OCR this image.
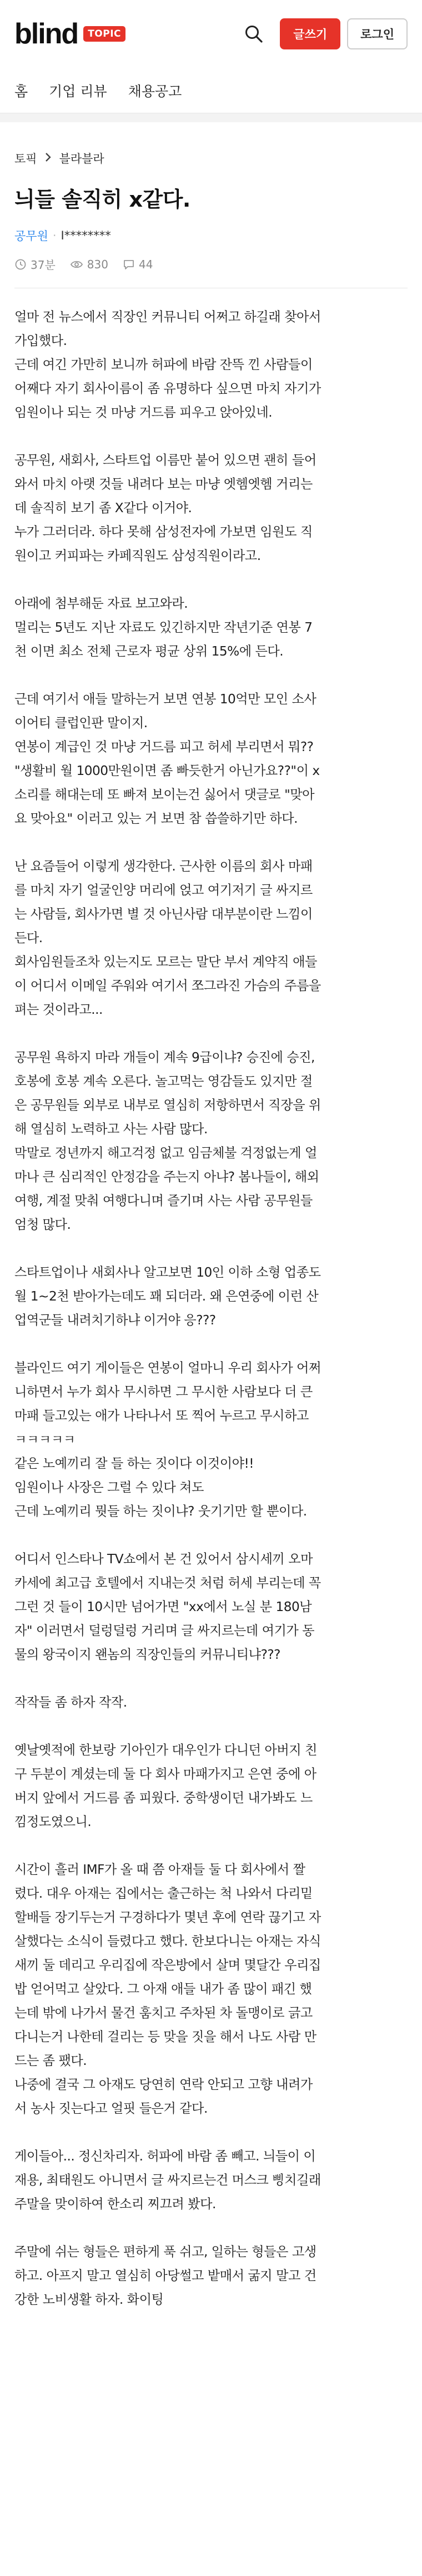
blind	TOPIC	글쓰기	로그인
홈 기업 리뷰 채용공고
토픽 블라블라
늬들 솔직히 x같다.
공무원 · I********
37분	830	44

얼마 전 뉴스에서 직장인 커뮤니티 어쩌고 하길래 찾아서
가입했다.
근데 여긴 가만히 보니까 허파에 바람 잔뜩 낀 사람들이
어째다 자기 회사이름이 좀 유명하다 싶으면 마치 자기가
임원이나 되는 것 마냥 거드름 피우고 앉아있네.

공무원, 새회사, 스타트업 이름만 붙어 있으면 괜히 들어
와서 마치 아랫 것들 내려다 보는 마냥 엣헴엣헴 거리는
데 솔직히 보기 좀 X같다 이거야.
누가 그러더라. 하다 못해 삼성전자에 가보면 임원도 직
원이고 커피파는 카페직원도 삼성직원이라고.

아래에 첨부해둔 자료 보고와라.
멀리는 5년도 지난 자료도 있긴하지만 작년기준 연봉 7
천 이면 최소 전체 근로자 평균 상위 15%에 든다.

근데 여기서 애들 말하는거 보면 연봉 10억만 모인 소사
이어티 클럽인판 말이지.
연봉이 계급인 것 마냥 거드름 피고 허세 부리면서 뭐??
"생활비 월 1000만원이면 좀 빠듯한거 아닌가요??"이 x
소리를 해대는데 또 빠져 보이는건 싫어서 댓글로 "맞아
요 맞아요" 이러고 있는 거 보면 참 씁쓸하기만 하다.

난 요즘들어 이렇게 생각한다. 근사한 이름의 회사 마패
를 마치 자기 얼굴인양 머리에 얹고 여기저기 글 싸지르
는 사람들, 회사가면 별 것 아닌사람 대부분이란 느낌이
든다.
회사임원들조차 있는지도 모르는 말단 부서 계약직 애들
이 어디서 이메일 주워와 여기서 쪼그라진 가슴의 주름을
펴는 것이라고...

공무원 욕하지 마라 개들이 계속 9급이냐? 승진에 승진,
호봉에 호봉 계속 오른다. 놀고먹는 영감들도 있지만 절
은 공무원들 외부로 내부로 열심히 저항하면서 직장을 위
해 열심히 노력하고 사는 사람 많다.
막말로 정년까지 해고걱정 없고 임금체불 걱정없는게 얼
마나 큰 심리적인 안정감을 주는지 아냐? 봄나들이, 해외
여행, 계절 맞춰 여행다니며 즐기며 사는 사람 공무원들
엄청 많다.

스타트업이나 새회사나 알고보면 10인 이하 소형 업종도
월 1~2천 받아가는데도 꽤 되더라. 왜 은연중에 이런 산
업역군들 내려치기하냐 이거야 응???

블라인드 여기 게이들은 연봉이 얼마니 우리 회사가 어쩌
니하면서 누가 회사 무시하면 그 무시한 사람보다 더 큰
마패 들고있는 애가 나타나서 또 찍어 누르고 무시하고
ㅋㅋㅋㅋㅋ
같은 노예끼리 잘 들 하는 짓이다 이것이야!!
임원이나 사장은 그럴 수 있다 쳐도
근데 노예끼리 뭣들 하는 짓이냐? 웃기기만 할 뿐이다.

어디서 인스타나 TV쇼에서 본 건 있어서 삼시세끼 오마
카세에 최고급 호텔에서 지내는것 처럼 허세 부리는데 꼭
그런 것 들이 10시만 넘어가면 "xx에서 노실 분 180남
자" 이러면서 덜렁덜렁 거리며 글 싸지르는데 여기가 동
물의 왕국이지 왠놈의 직장인들의 커뮤니티냐???

작작들 좀 하자 작작.

옛날옛적에 한보랑 기아인가 대우인가 다니던 아버지 친
구 두분이 계셨는데 둘 다 회사 마패가지고 은연 중에 아
버지 앞에서 거드름 좀 피웠다. 중학생이던 내가봐도 느
낌정도였으니.

시간이 흘러 IMF가 올 때 쯤 아재들 둘 다 회사에서 짤
렸다. 대우 아재는 집에서는 출근하는 척 나와서 다리밑
할배들 장기두는거 구경하다가 몇년 후에 연락 끊기고 자
살했다는 소식이 들렸다고 했다. 한보다니는 아재는 자식
새끼 둘 데리고 우리집에 작은방에서 살며 몇달간 우리집
밥 얻어먹고 살았다. 그 아재 애들 내가 좀 많이 패긴 했
는데 밖에 나가서 물건 훔치고 주차된 차 돌맹이로 긁고
다니는거 나한테 걸리는 등 맞을 짓을 해서 나도 사람 만
드는 좀 팼다.
나중에 결국 그 아재도 당연히 연락 안되고 고향 내려가
서 농사 짓는다고 얼핏 들은거 같다.

게이들아... 정신차리자. 허파에 바람 좀 빼고. 늬들이 이
재용, 최태원도 아니면서 글 싸지르는건 머스크 삥치길래
주말을 맞이하여 한소리 찌끄려 봤다.

주말에 쉬는 형들은 편하게 푹 쉬고, 일하는 형들은 고생
하고. 아프지 말고 열심히 아당썰고 밭매서 굶지 말고 건
강한 노비생활 하자. 화이팅
